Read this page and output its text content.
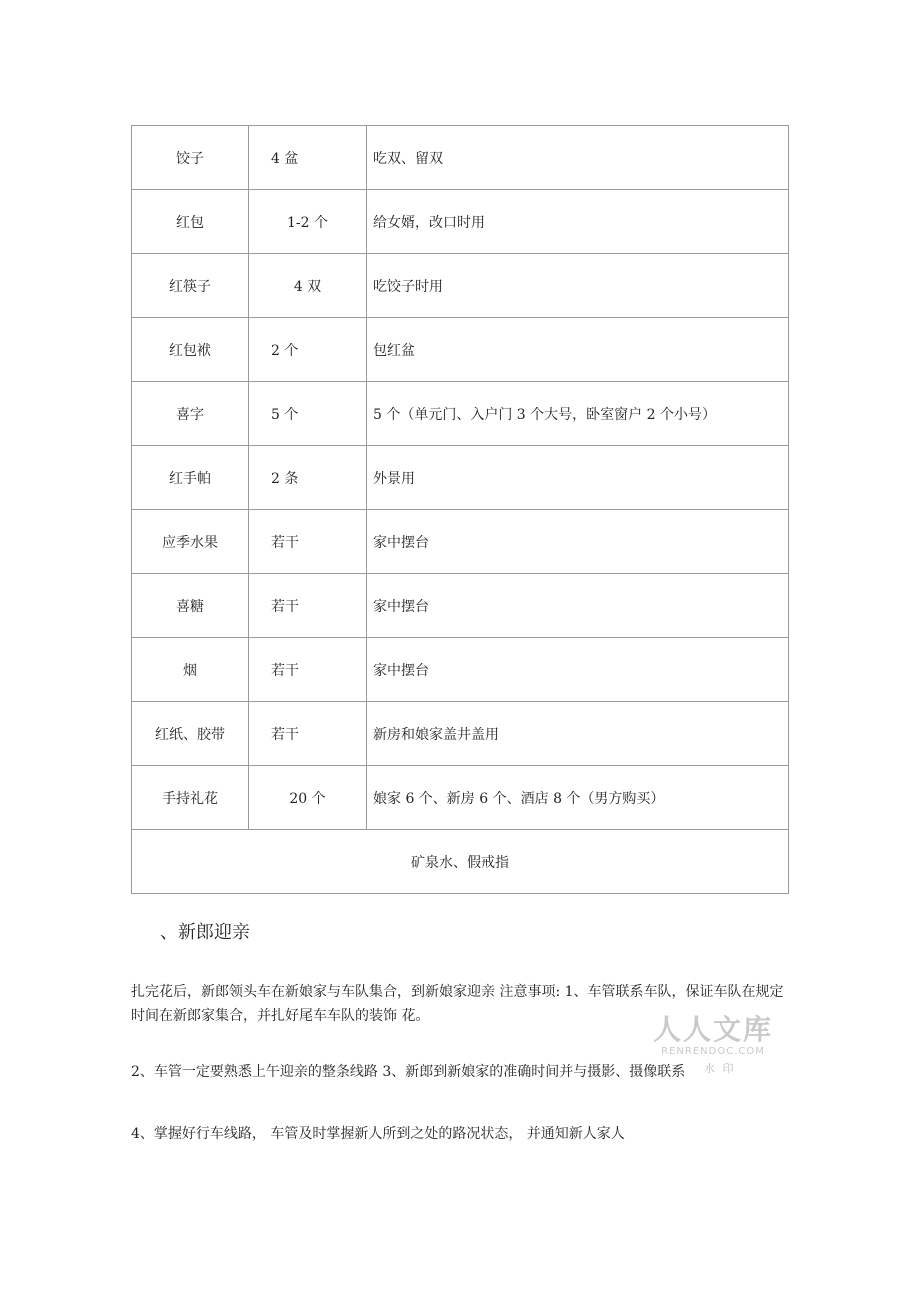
饺子	4 盆	吃双、留双
红包	1-2 个	给女婿，改口时用
红筷子	4 双	吃饺子时用
红包袱	2 个	包红盆
喜字	5 个	5 个（单元门、入户门 3 个大号，卧室窗户 2 个小号）
红手帕	2 条	外景用
应季水果	若干	家中摆台
喜糖	若干	家中摆台
烟	若干	家中摆台
红纸、胶带	若干	新房和娘家盖井盖用
手持礼花	20 个	娘家 6 个、新房 6 个、酒店 8 个（男方购买）
矿泉水、假戒指		
、新郎迎亲
扎完花后，新郎领头车在新娘家与车队集合，到新娘家迎亲 注意事项: 1、车管联系车队，保证车队在规定时间在新郎家集合，并扎好尾车车队的装饰 花。
2、车管一定要熟悉上午迎亲的整条线路 3、新郎到新娘家的准确时间并与摄影、摄像联系
4、掌握好行车线路， 车管及时掌握新人所到之处的路况状态， 并通知新人家人
人人文库
RENRENDOC.COM
水 印
